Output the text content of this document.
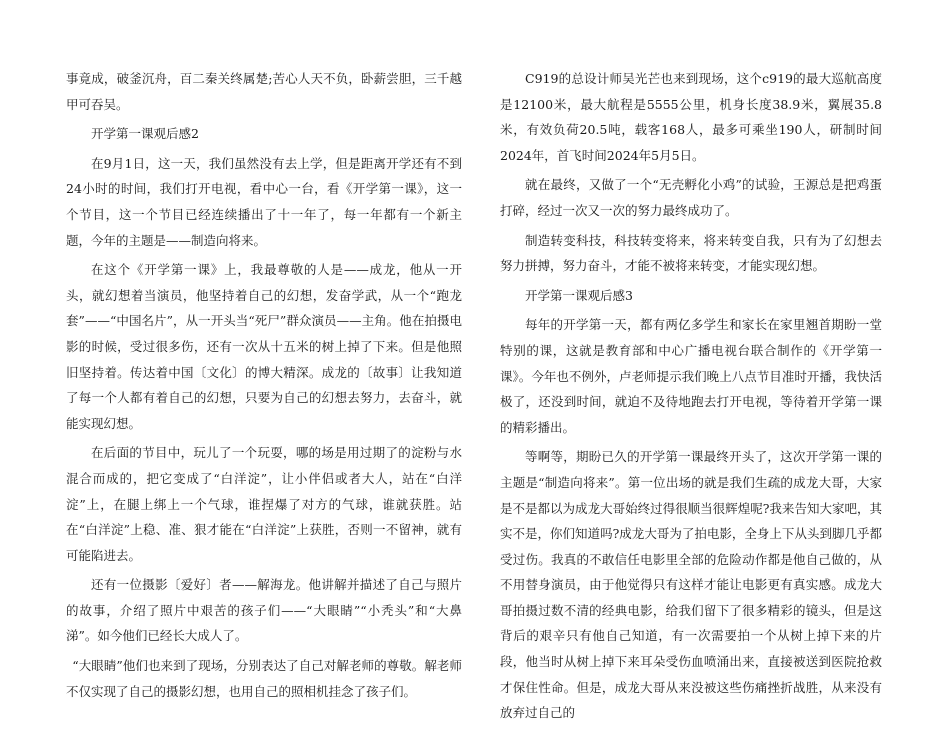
事竟成，破釜沉舟，百二秦关终属楚;苦心人天不负，卧薪尝胆，三千越甲可吞吴。

开学第一课观后感2

在9月1日，这一天，我们虽然没有去上学，但是距离开学还有不到24小时的时间，我们打开电视，看中心一台，看《开学第一课》，这一个节目，这一个节目已经连续播出了十一年了，每一年都有一个新主题，今年的主题是——制造向将来。

在这个《开学第一课》上，我最尊敬的人是——成龙，他从一开头，就幻想着当演员，他坚持着自己的幻想，发奋学武，从一个“跑龙套”——“中国名片”，从一开头当“死尸”群众演员——主角。他在拍摄电影的时候，受过很多伤，还有一次从十五米的树上掉了下来。但是他照旧坚持着。传达着中国〔文化〕的博大精深。成龙的〔故事〕让我知道了每一个人都有着自己的幻想，只要为自己的幻想去努力，去奋斗，就能实现幻想。

在后面的节目中，玩儿了一个玩耍，哪的场是用过期了的淀粉与水混合而成的，把它变成了“白洋淀”，让小伴侣或者大人，站在“白洋淀”上，在腿上绑上一个气球，谁捏爆了对方的气球，谁就获胜。站在“白洋淀”上稳、准、狠才能在“白洋淀”上获胜，否则一不留神，就有可能陷进去。

还有一位摄影〔爱好〕者——解海龙。他讲解并描述了自己与照片的故事，介绍了照片中艰苦的孩子们——“大眼睛”“小秃头”和“大鼻涕”。如今他们已经长大成人了。

“大眼睛”他们也来到了现场，分别表达了自己对解老师的尊敬。解老师不仅实现了自己的摄影幻想，也用自己的照相机挂念了孩子们。

C919的总设计师吴光芒也来到现场，这个c919的最大巡航高度是12100米，最大航程是5555公里，机身长度38.9米，翼展35.8米，有效负荷20.5吨，载客168人，最多可乘坐190人，研制时间2024年，首飞时间2024年5月5日。

就在最终，又做了一个“无壳孵化小鸡”的试验，王源总是把鸡蛋打碎，经过一次又一次的努力最终成功了。

制造转变科技，科技转变将来，将来转变自我，只有为了幻想去努力拼搏，努力奋斗，才能不被将来转变，才能实现幻想。

开学第一课观后感3

每年的开学第一天，都有两亿多学生和家长在家里翘首期盼一堂特别的课，这就是教育部和中心广播电视台联合制作的《开学第一课》。今年也不例外，卢老师提示我们晚上八点节目准时开播，我快活极了，还没到时间，就迫不及待地跑去打开电视，等待着开学第一课的精彩播出。

等啊等，期盼已久的开学第一课最终开头了，这次开学第一课的主题是“制造向将来”。第一位出场的就是我们生疏的成龙大哥，大家是不是都以为成龙大哥始终过得很顺当很辉煌呢?我来告知大家吧，其实不是，你们知道吗?成龙大哥为了拍电影，全身上下从头到脚几乎都受过伤。我真的不敢信任电影里全部的危险动作都是他自己做的，从不用替身演员，由于他觉得只有这样才能让电影更有真实感。成龙大哥拍摄过数不清的经典电影，给我们留下了很多精彩的镜头，但是这背后的艰辛只有他自己知道，有一次需要拍一个从树上掉下来的片段，他当时从树上掉下来耳朵受伤血喷涌出来，直接被送到医院抢救才保住性命。但是，成龙大哥从来没被这些伤痛挫折战胜，从来没有放弃过自己的
